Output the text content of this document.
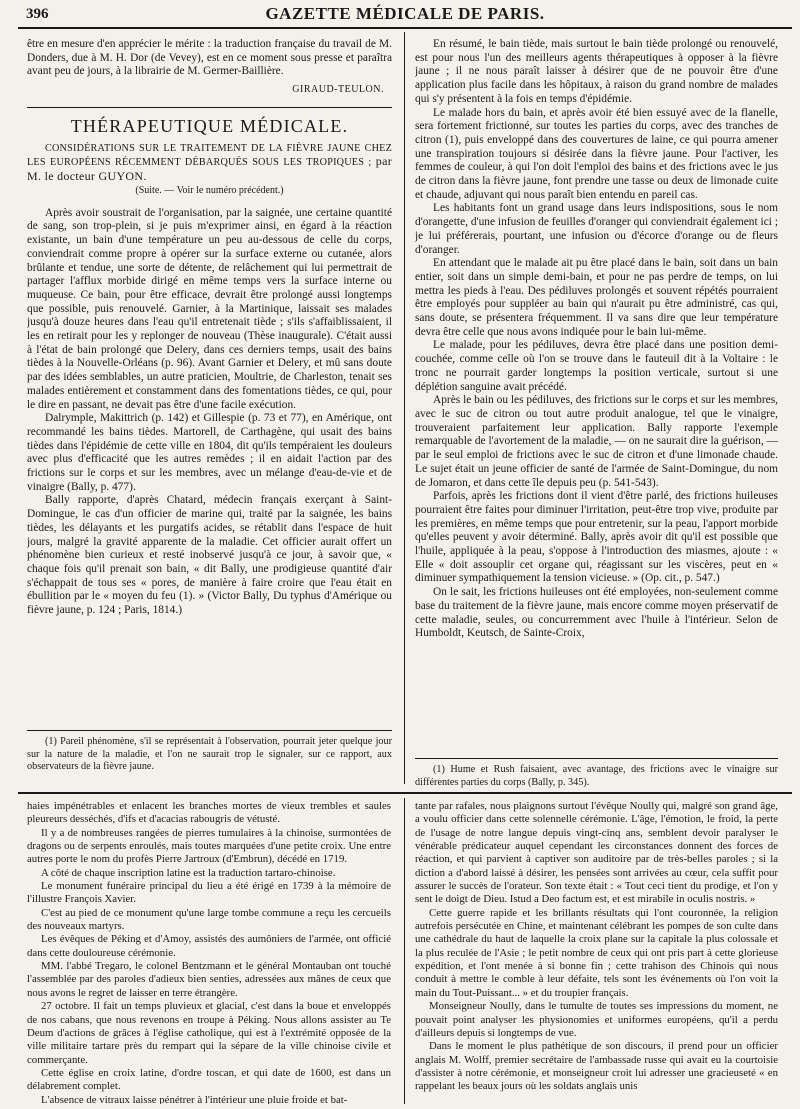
396	GAZETTE MÉDICALE DE PARIS.

être en mesure d'en apprécier le mérite : la traduction française du travail de M. Donders, due à M. H. Dor (de Vevey), est en ce moment sous presse et paraîtra avant peu de jours, à la librairie de M. Germer-Baillière.

GIRAUD-TEULON.
THÉRAPEUTIQUE MÉDICALE.

CONSIDÉRATIONS SUR LE TRAITEMENT DE LA FIÈVRE JAUNE CHEZ LES EUROPÉENS RÉCEMMENT DÉBARQUÉS SOUS LES TROPIQUES ; par M. le docteur GUYON.

(Suite. — Voir le numéro précédent.)

Après avoir soustrait de l'organisation, par la saignée, une certaine quantité de sang, son trop-plein, si je puis m'exprimer ainsi, en égard à la réaction existante, un bain d'une température un peu au-dessous de celle du corps, conviendrait comme propre à opérer sur la surface externe ou cutanée, alors brûlante et tendue, une sorte de détente, de relâchement qui lui permettrait de partager l'afflux morbide dirigé en même temps vers la surface interne ou muqueuse. Ce bain, pour être efficace, devrait être prolongé aussi longtemps que possible, puis renouvelé. Garnier, à la Martinique, laissait ses malades jusqu'à douze heures dans l'eau qu'il entretenait tiède ; s'ils s'affaiblissaient, il les en retirait pour les y replonger de nouveau (Thèse inaugurale). C'était aussi à l'état de bain prolongé que Delery, dans ces derniers temps, usait des bains tièdes à la Nouvelle-Orléans (p. 96). Avant Garnier et Delery, et mû sans doute par des idées semblables, un autre praticien, Moultrie, de Charleston, tenait ses malades entièrement et constamment dans des fomentations tièdes, ce qui, pour le dire en passant, ne devait pas être d'une facile exécution.

Dalrymple, Makittrich (p. 142) et Gillespie (p. 73 et 77), en Amérique, ont recommandé les bains tièdes. Martorell, de Carthagène, qui usait des bains tièdes dans l'épidémie de cette ville en 1804, dit qu'ils tempéraient les douleurs avec plus d'efficacité que les autres remèdes ; il en aidait l'action par des frictions sur le corps et sur les membres, avec un mélange d'eau-de-vie et de vinaigre (Bally, p. 477).

Bally rapporte, d'après Chatard, médecin français exerçant à Saint-Domingue, le cas d'un officier de marine qui, traité par la saignée, les bains tièdes, les délayants et les purgatifs acides, se rétablit dans l'espace de huit jours, malgré la gravité apparente de la maladie. Cet officier aurait offert un phénomène bien curieux et resté inobservé jusqu'à ce jour, à savoir que, « chaque fois qu'il prenait son bain, « dit Bally, une prodigieuse quantité d'air s'échappait de tous ses « pores, de manière à faire croire que l'eau était en ébullition par le « moyen du feu (1). » (Victor Bally, Du typhus d'Amérique ou fièvre jaune, p. 124 ; Paris, 1814.)

(1) Pareil phénomène, s'il se représentait à l'observation, pourrait jeter quelque jour sur la nature de la maladie, et l'on ne saurait trop le signaler, sur ce rapport, aux observateurs de la fièvre jaune.

En résumé, le bain tiède, mais surtout le bain tiède prolongé ou renouvelé, est pour nous l'un des meilleurs agents thérapeutiques à opposer à la fièvre jaune ; il ne nous paraît laisser à désirer que de ne pouvoir être d'une application plus facile dans les hôpitaux, à raison du grand nombre de malades qui s'y présentent à la fois en temps d'épidémie.

Le malade hors du bain, et après avoir été bien essuyé avec de la flanelle, sera fortement frictionné, sur toutes les parties du corps, avec des tranches de citron (1), puis enveloppé dans des couvertures de laine, ce qui pourra amener une transpiration toujours si désirée dans la fièvre jaune. Pour l'activer, les femmes de couleur, à qui l'on doit l'emploi des bains et des frictions avec le jus de citron dans la fièvre jaune, font prendre une tasse ou deux de limonade cuite et chaude, adjuvant qui nous paraît bien entendu en pareil cas.

Les habitants font un grand usage dans leurs indispositions, sous le nom d'orangette, d'une infusion de feuilles d'oranger qui conviendrait également ici ; je lui préférerais, pourtant, une infusion ou d'écorce d'orange ou de fleurs d'oranger.

En attendant que le malade ait pu être placé dans le bain, soit dans un bain entier, soit dans un simple demi-bain, et pour ne pas perdre de temps, on lui mettra les pieds à l'eau. Des pédiluves prolongés et souvent répétés pourraient être employés pour suppléer au bain qui n'aurait pu être administré, cas qui, sans doute, se présentera fréquemment. Il va sans dire que leur température devra être celle que nous avons indiquée pour le bain lui-même.

Le malade, pour les pédiluves, devra être placé dans une position demi-couchée, comme celle où l'on se trouve dans le fauteuil dit à la Voltaire : le tronc ne pourrait garder longtemps la position verticale, surtout si une déplétion sanguine avait précédé.

Après le bain ou les pédiluves, des frictions sur le corps et sur les membres, avec le suc de citron ou tout autre produit analogue, tel que le vinaigre, trouveraient parfaitement leur application. Bally rapporte l'exemple remarquable de l'avortement de la maladie, — on ne saurait dire la guérison, — par le seul emploi de frictions avec le suc de citron et d'une limonade chaude. Le sujet était un jeune officier de santé de l'armée de Saint-Domingue, du nom de Jomaron, et dans cette île depuis peu (p. 541-543).

Parfois, après les frictions dont il vient d'être parlé, des frictions huileuses pourraient être faites pour diminuer l'irritation, peut-être trop vive, produite par les premières, en même temps que pour entretenir, sur la peau, l'apport morbide qu'elles peuvent y avoir déterminé. Bally, après avoir dit qu'il est possible que l'huile, appliquée à la peau, s'oppose à l'introduction des miasmes, ajoute : « Elle « doit assouplir cet organe qui, réagissant sur les viscères, peut en « diminuer sympathiquement la tension vicieuse. » (Op. cit., p. 547.)

On le sait, les frictions huileuses ont été employées, non-seulement comme base du traitement de la fièvre jaune, mais encore comme moyen préservatif de cette maladie, seules, ou concurremment avec l'huile à l'intérieur. Selon de Humboldt, Keutsch, de Sainte-Croix,

(1) Hume et Rush faisaient, avec avantage, des frictions avec le vinaigre sur différentes parties du corps (Bally, p. 345).

haies impénétrables et enlacent les branches mortes de vieux trembles et saules pleureurs desséchés, d'ifs et d'acacias rabougris de vétusté.

Il y a de nombreuses rangées de pierres tumulaires à la chinoise, surmontées de dragons ou de serpents enroulés, mais toutes marquées d'une petite croix. Une entre autres porte le nom du profès Pierre Jartroux (d'Embrun), décédé en 1719.

A côté de chaque inscription latine est la traduction tartaro-chinoise.

Le monument funéraire principal du lieu a été érigé en 1739 à la mémoire de l'illustre François Xavier.

C'est au pied de ce monument qu'une large tombe commune a reçu les cercueils des nouveaux martyrs.

Les évêques de Péking et d'Amoy, assistés des aumôniers de l'armée, ont officié dans cette douloureuse cérémonie.

MM. l'abbé Tregaro, le colonel Bentzmann et le général Montauban ont touché l'assemblée par des paroles d'adieux bien senties, adressées aux mânes de ceux que nous avons le regret de laisser en terre étrangère.

27 octobre. Il fait un temps pluvieux et glacial, c'est dans la boue et enveloppés de nos cabans, que nous revenons en troupe à Péking. Nous allons assister au Te Deum d'actions de grâces à l'église catholique, qui est à l'extrémité opposée de la ville militaire tartare près du rempart qui la sépare de la ville chinoise civile et commerçante.

Cette église en croix latine, d'ordre toscan, et qui date de 1600, est dans un délabrement complet.

L'absence de vitraux laisse pénétrer à l'intérieur une pluie froide et bat-

tante par rafales, nous plaignons surtout l'évêque Noully qui, malgré son grand âge, a voulu officier dans cette solennelle cérémonie. L'âge, l'émotion, le froid, la perte de l'usage de notre langue depuis vingt-cinq ans, semblent devoir paralyser le vénérable prédicateur auquel cependant les circonstances donnent des forces de réaction, et qui parvient à captiver son auditoire par de très-belles paroles ; si la diction a d'abord laissé à désirer, les pensées sont arrivées au cœur, cela suffit pour assurer le succès de l'orateur. Son texte était : « Tout ceci tient du prodige, et l'on y sent le doigt de Dieu. Istud a Deo factum est, et est mirabile in oculis nostris. »

Cette guerre rapide et les brillants résultats qui l'ont couronnée, la religion autrefois persécutée en Chine, et maintenant célébrant les pompes de son culte dans une cathédrale du haut de laquelle la croix plane sur la capitale la plus colossale et la plus reculée de l'Asie ; le petit nombre de ceux qui ont pris part à cette glorieuse expédition, et l'ont menée à si bonne fin ; cette trahison des Chinois qui nous conduit à mettre le comble à leur défaite, tels sont les événements où l'on voit la main du Tout-Puissant... » et du troupier français.

Monseigneur Noully, dans le tumulte de toutes ses impressions du moment, ne pouvait point analyser les physionomies et uniformes européens, qu'il a perdu d'ailleurs depuis si longtemps de vue.

Dans le moment le plus pathétique de son discours, il prend pour un officier anglais M. Wolff, premier secrétaire de l'ambassade russe qui avait eu la courtoisie d'assister à notre cérémonie, et monseigneur croit lui adresser une gracieuseté « en rappelant les beaux jours où les soldats anglais unis
